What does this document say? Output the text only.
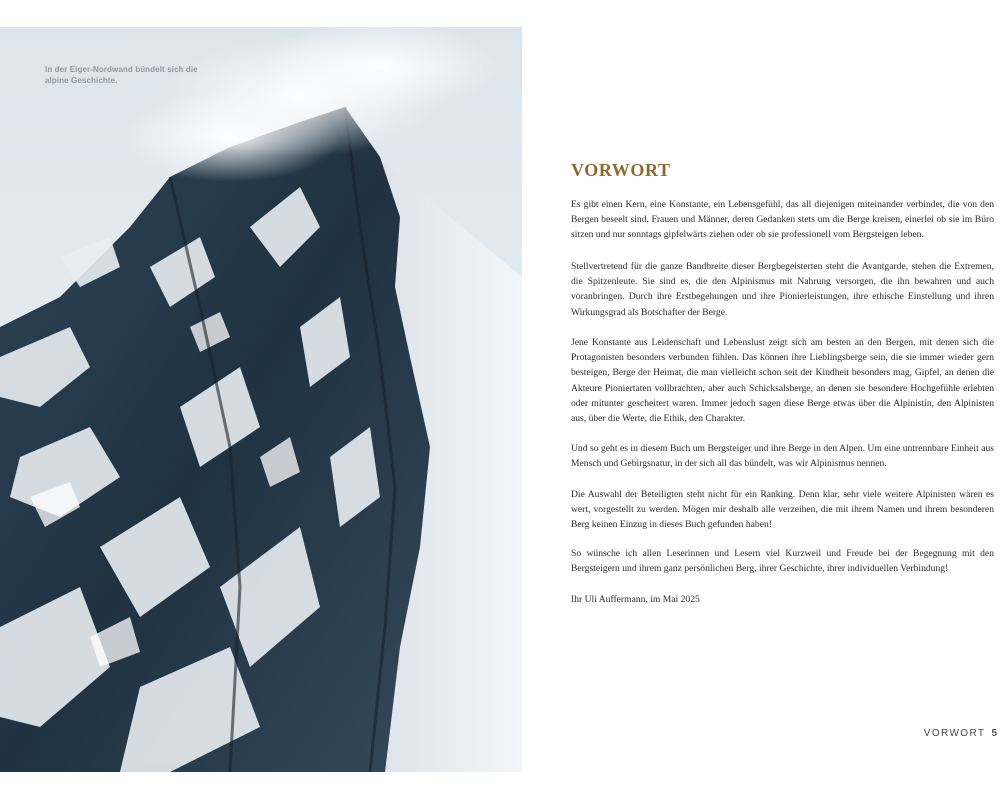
In der Eiger-Nordwand bündelt sich die alpine Geschichte.
VORWORT

Es gibt einen Kern, eine Konstante, ein Lebensgefühl, das all diejenigen miteinander verbindet, die von den Bergen beseelt sind. Frauen und Männer, deren Gedanken stets um die Berge kreisen, einerlei ob sie im Büro sitzen und nur sonntags gipfelwärts ziehen oder ob sie professionell vom Bergsteigen leben.

Stellvertretend für die ganze Bandbreite dieser Bergbegeisterten steht die Avantgarde, stehen die Extremen, die Spitzenleute. Sie sind es, die den Alpinismus mit Nahrung versorgen, die ihn bewahren und auch voranbringen. Durch ihre Erstbegehungen und ihre Pionierleistungen, ihre ethische Einstellung und ihren Wirkungsgrad als Botschafter der Berge.

Jene Konstante aus Leidenschaft und Lebenslust zeigt sich am besten an den Bergen, mit denen sich die Protagonisten besonders verbunden fühlen. Das können ihre Lieblingsberge sein, die sie immer wieder gern besteigen, Berge der Heimat, die man vielleicht schon seit der Kindheit besonders mag, Gipfel, an denen die Akteure Pioniertaten vollbrachten, aber auch Schicksalsberge, an denen sie besondere Hochgefühle erlebten oder mitunter gescheitert waren. Immer jedoch sagen diese Berge etwas über die Alpinistin, den Alpinisten aus, über die Werte, die Ethik, den Charakter.

Und so geht es in diesem Buch um Bergsteiger und ihre Berge in den Alpen. Um eine untrennbare Einheit aus Mensch und Gebirgsnatur, in der sich all das bündelt, was wir Alpinismus nennen.

Die Auswahl der Beteiligten steht nicht für ein Ranking. Denn klar, sehr viele weitere Alpinisten wären es wert, vorgestellt zu werden. Mögen mir deshalb alle verzeihen, die mit ihrem Namen und ihrem besonderen Berg keinen Einzug in dieses Buch gefunden haben!

So wünsche ich allen Leserinnen und Lesern viel Kurzweil und Freude bei der Begegnung mit den Bergsteigern und ihrem ganz persönlichen Berg, ihrer Geschichte, ihrer individuellen Verbindung!

Ihr Uli Auffermann, im Mai 2025

VORWORT 5
